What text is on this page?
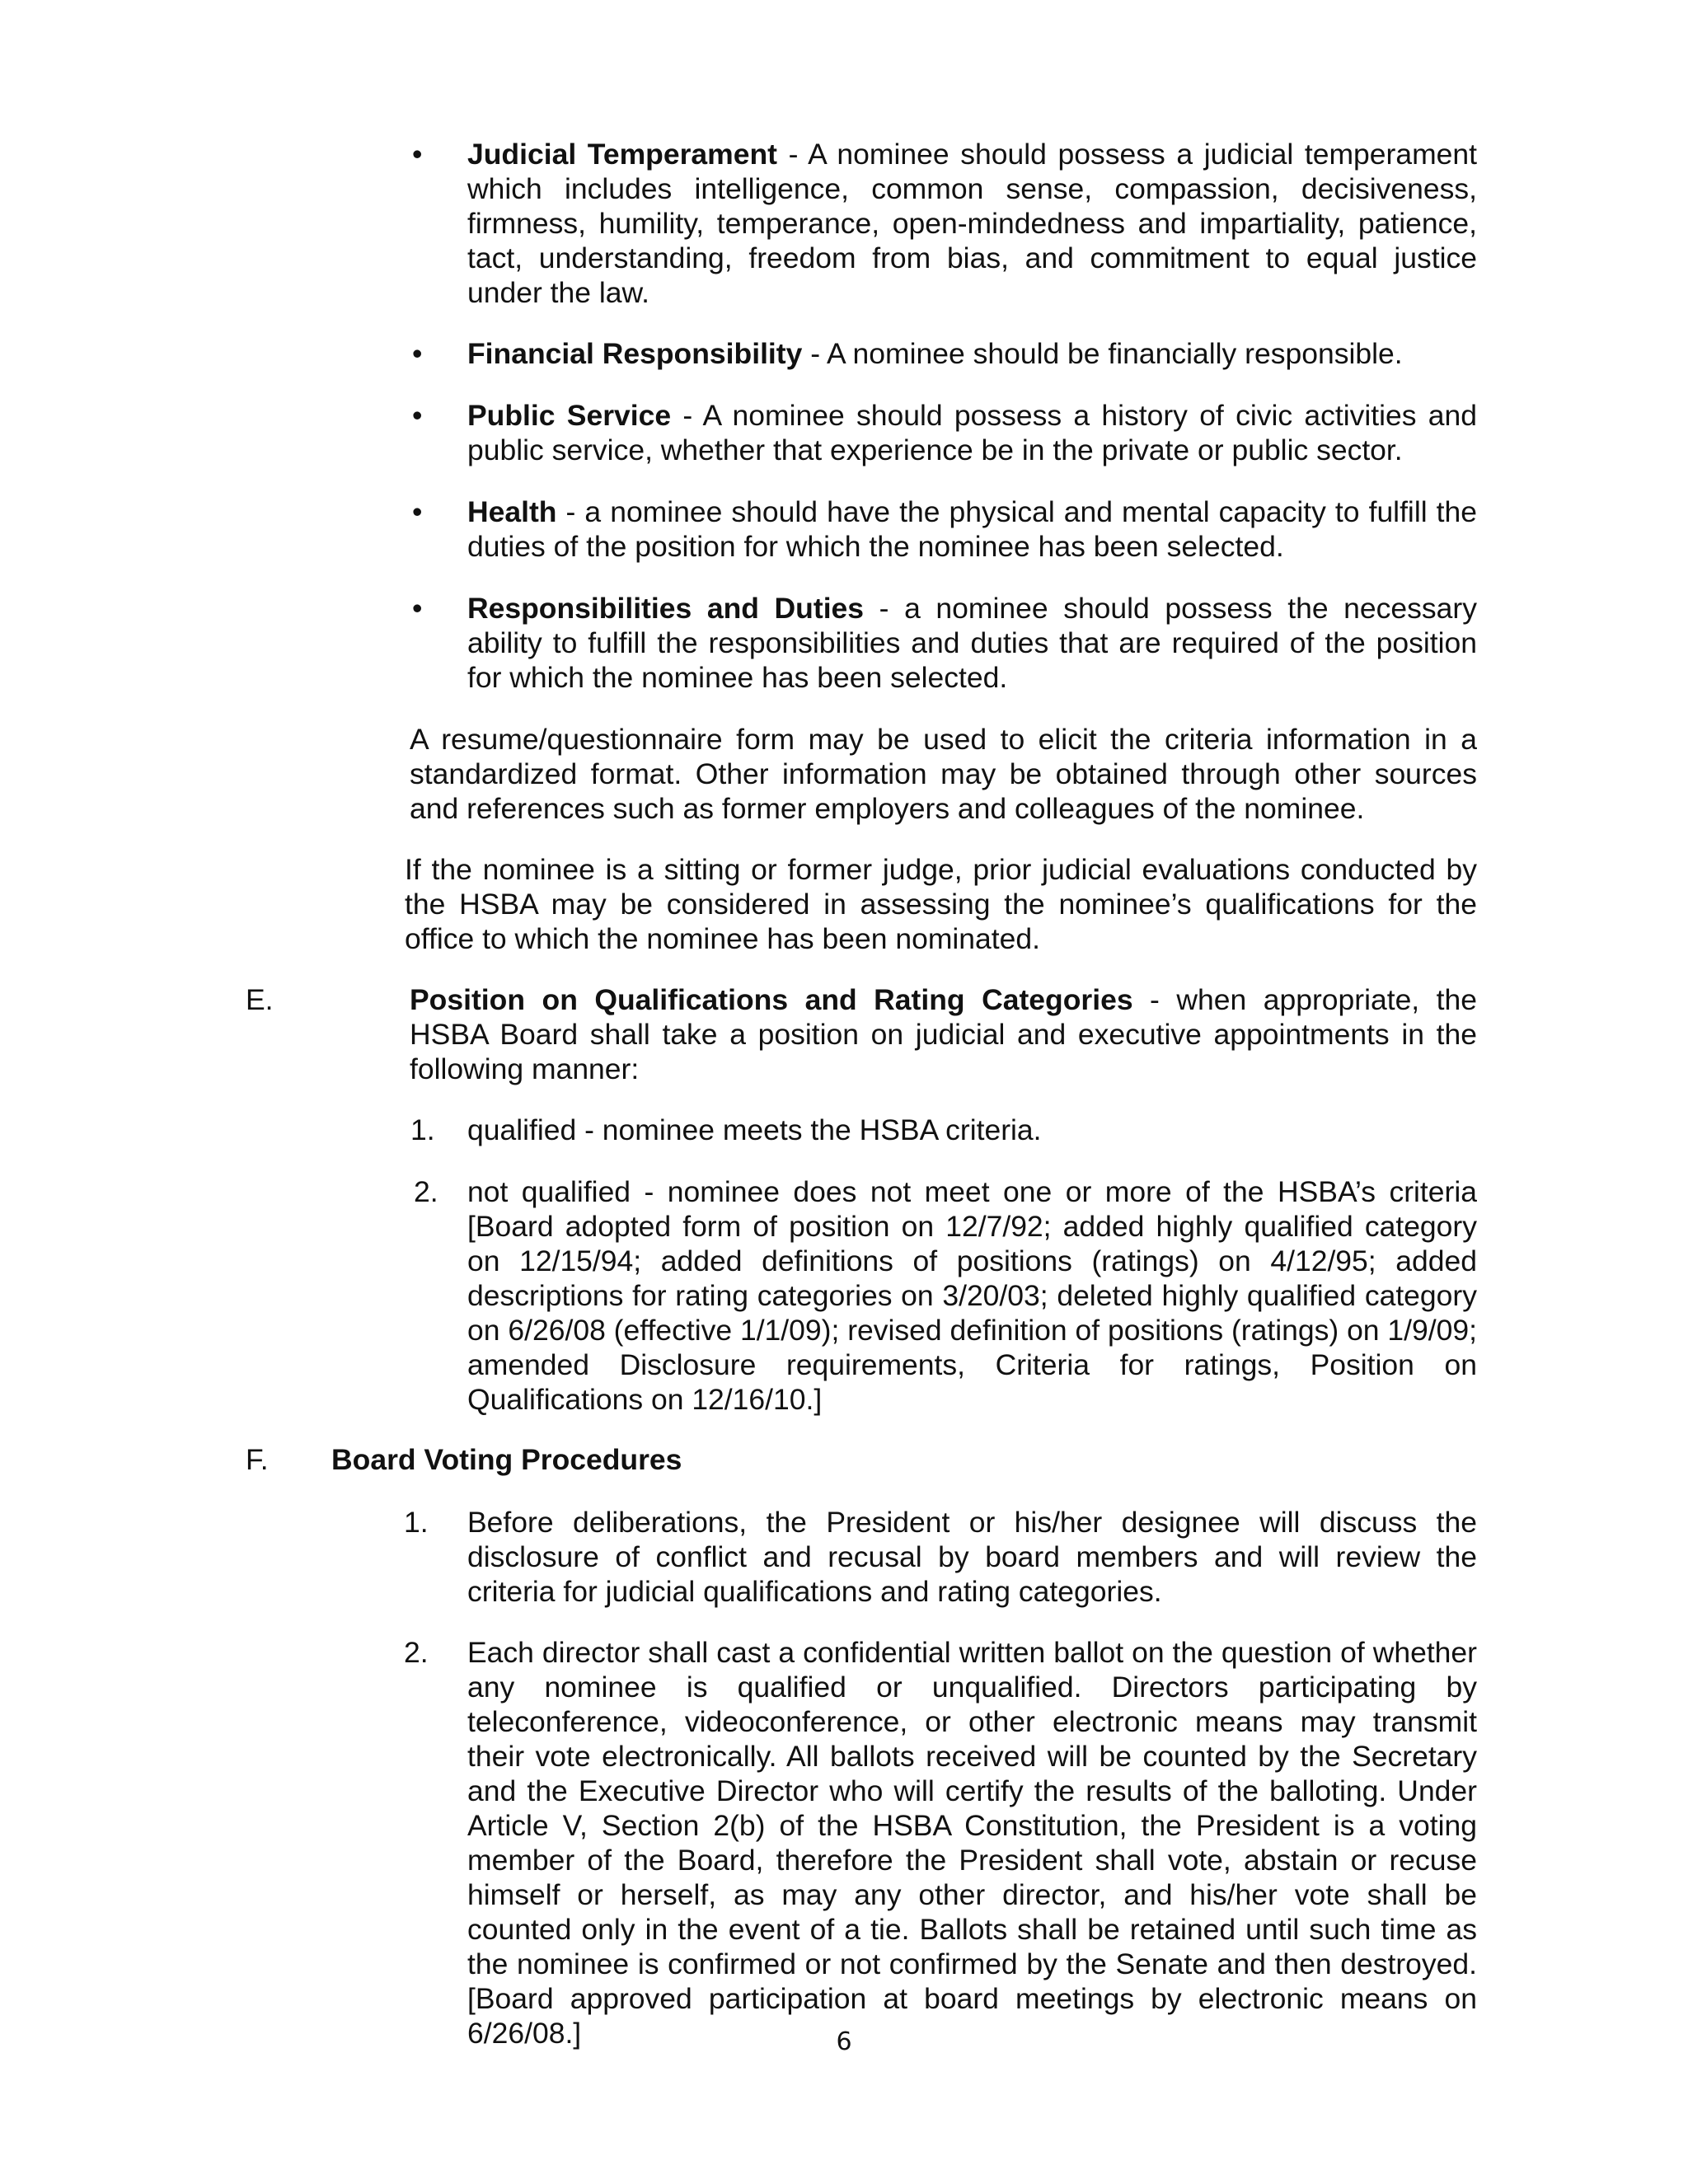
• Judicial Temperament - A nominee should possess a judicial temperament which includes intelligence, common sense, compassion, decisiveness, firmness, humility, temperance, open-mindedness and impartiality, patience, tact, understanding, freedom from bias, and commitment to equal justice under the law.
• Financial Responsibility - A nominee should be financially responsible.
• Public Service - A nominee should possess a history of civic activities and public service, whether that experience be in the private or public sector.
• Health - a nominee should have the physical and mental capacity to fulfill the duties of the position for which the nominee has been selected.
• Responsibilities and Duties - a nominee should possess the necessary ability to fulfill the responsibilities and duties that are required of the position for which the nominee has been selected.
A resume/questionnaire form may be used to elicit the criteria information in a standardized format. Other information may be obtained through other sources and references such as former employers and colleagues of the nominee.
If the nominee is a sitting or former judge, prior judicial evaluations conducted by the HSBA may be considered in assessing the nominee’s qualifications for the office to which the nominee has been nominated.
E.	Position on Qualifications and Rating Categories - when appropriate, the HSBA Board shall take a position on judicial and executive appointments in the following manner:
1. qualified - nominee meets the HSBA criteria.
2. not qualified - nominee does not meet one or more of the HSBA’s criteria [Board adopted form of position on 12/7/92; added highly qualified category on 12/15/94; added definitions of positions (ratings) on 4/12/95; added descriptions for rating categories on 3/20/03; deleted highly qualified category on 6/26/08 (effective 1/1/09); revised definition of positions (ratings) on 1/9/09; amended Disclosure requirements, Criteria for ratings, Position on Qualifications on 12/16/10.]
F. Board Voting Procedures
1. Before deliberations, the President or his/her designee will discuss the disclosure of conflict and recusal by board members and will review the criteria for judicial qualifications and rating categories.
2. Each director shall cast a confidential written ballot on the question of whether any nominee is qualified or unqualified. Directors participating by teleconference, videoconference, or other electronic means may transmit their vote electronically. All ballots received will be counted by the Secretary and the Executive Director who will certify the results of the balloting. Under Article V, Section 2(b) of the HSBA Constitution, the President is a voting member of the Board, therefore the President shall vote, abstain or recuse himself or herself, as may any other director, and his/her vote shall be counted only in the event of a tie. Ballots shall be retained until such time as the nominee is confirmed or not confirmed by the Senate and then destroyed. [Board approved participation at board meetings by electronic means on 6/26/08.]	6
